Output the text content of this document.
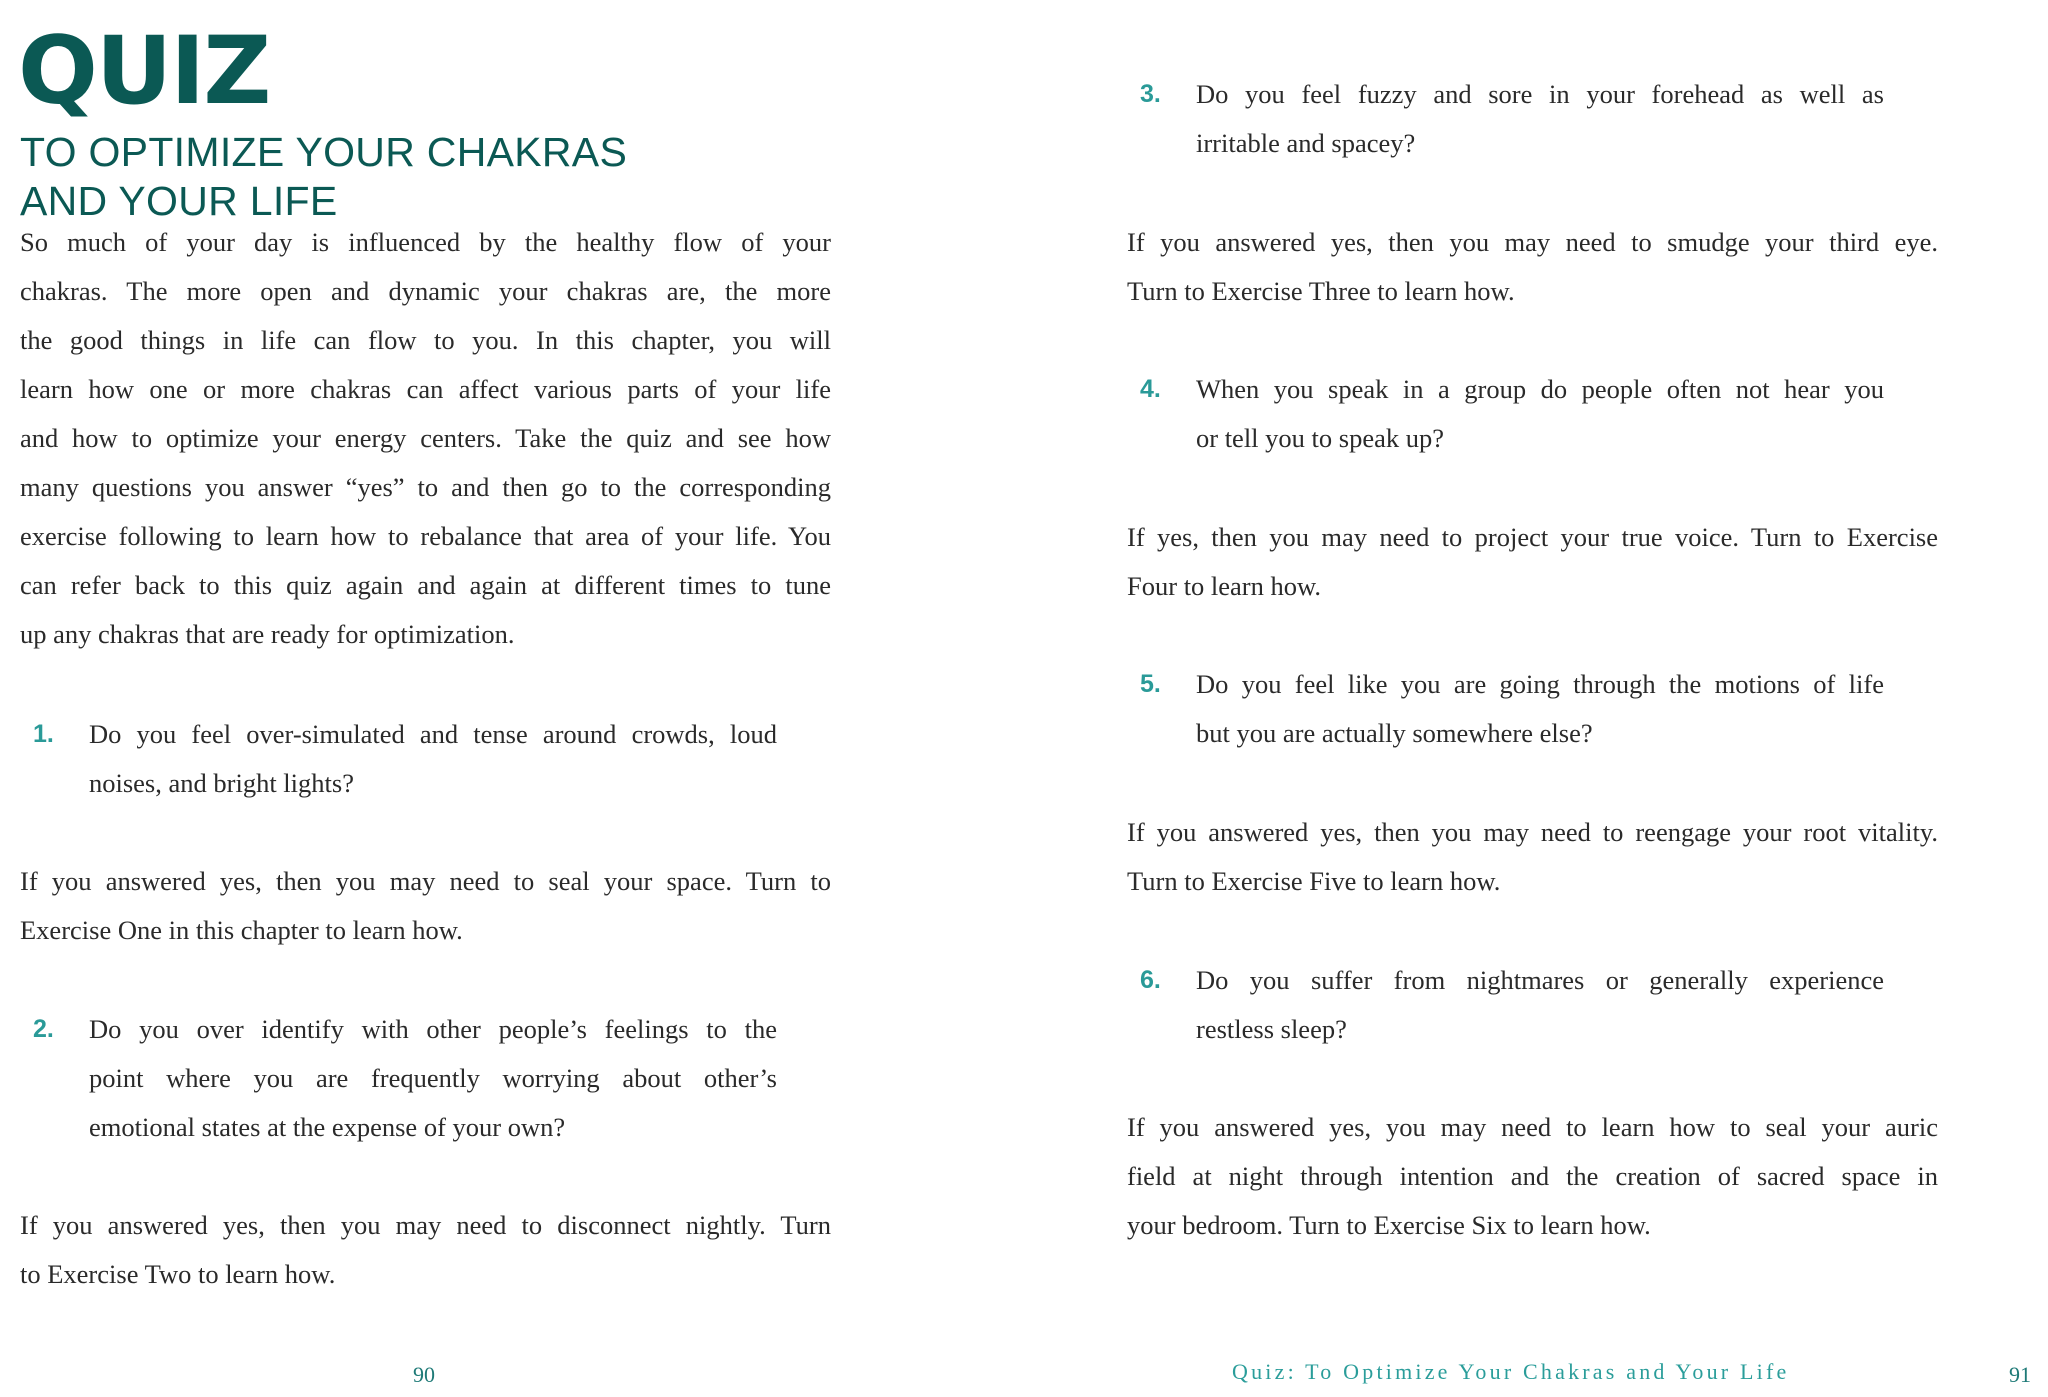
QUIZ
TO OPTIMIZE YOUR CHAKRAS
AND YOUR LIFE
So much of your day is influenced by the healthy flow of your
chakras. The more open and dynamic your chakras are, the more
the good things in life can flow to you. In this chapter, you will
learn how one or more chakras can affect various parts of your life
and how to optimize your energy centers. Take the quiz and see how
many questions you answer “yes” to and then go to the corresponding
exercise following to learn how to rebalance that area of your life. You
can refer back to this quiz again and again at different times to tune
up any chakras that are ready for optimization.
1. Do you feel over-simulated and tense around crowds, loud
noises, and bright lights?
If you answered yes, then you may need to seal your space. Turn to
Exercise One in this chapter to learn how.
2. Do you over identify with other people’s feelings to the
point where you are frequently worrying about other’s
emotional states at the expense of your own?
If you answered yes, then you may need to disconnect nightly. Turn
to Exercise Two to learn how.
90
3. Do you feel fuzzy and sore in your forehead as well as
irritable and spacey?
If you answered yes, then you may need to smudge your third eye.
Turn to Exercise Three to learn how.
4. When you speak in a group do people often not hear you
or tell you to speak up?
If yes, then you may need to project your true voice. Turn to Exercise
Four to learn how.
5. Do you feel like you are going through the motions of life
but you are actually somewhere else?
If you answered yes, then you may need to reengage your root vitality.
Turn to Exercise Five to learn how.
6. Do you suffer from nightmares or generally experience
restless sleep?
If you answered yes, you may need to learn how to seal your auric
field at night through intention and the creation of sacred space in
your bedroom. Turn to Exercise Six to learn how.
Quiz: To Optimize Your Chakras and Your Life	91
